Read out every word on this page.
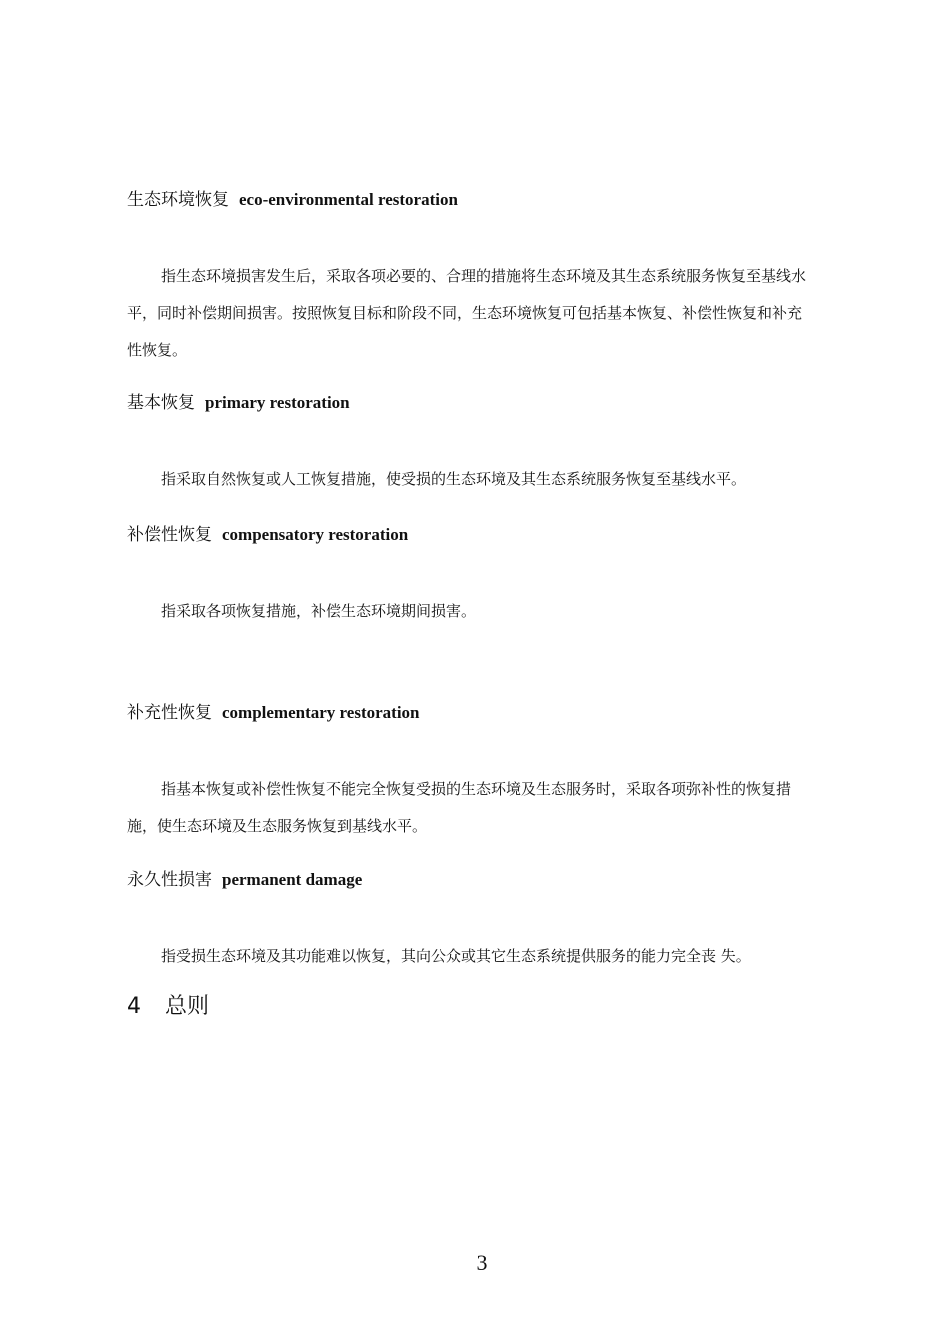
生态环境恢复 eco-environmental restoration

指生态环境损害发生后，采取各项必要的、合理的措施将生态环境及其生态系统服务恢复至基线水平，同时补偿期间损害。按照恢复目标和阶段不同，生态环境恢复可包括基本恢复、补偿性恢复和补充性恢复。

基本恢复 primary restoration

指采取自然恢复或人工恢复措施，使受损的生态环境及其生态系统服务恢复至基线水平。

补偿性恢复 compensatory restoration

指采取各项恢复措施，补偿生态环境期间损害。

补充性恢复 complementary restoration

指基本恢复或补偿性恢复不能完全恢复受损的生态环境及生态服务时，采取各项弥补性的恢复措施，使生态环境及生态服务恢复到基线水平。

永久性损害 permanent damage

指受损生态环境及其功能难以恢复，其向公众或其它生态系统提供服务的能力完全丧 失。

4 总则
3
